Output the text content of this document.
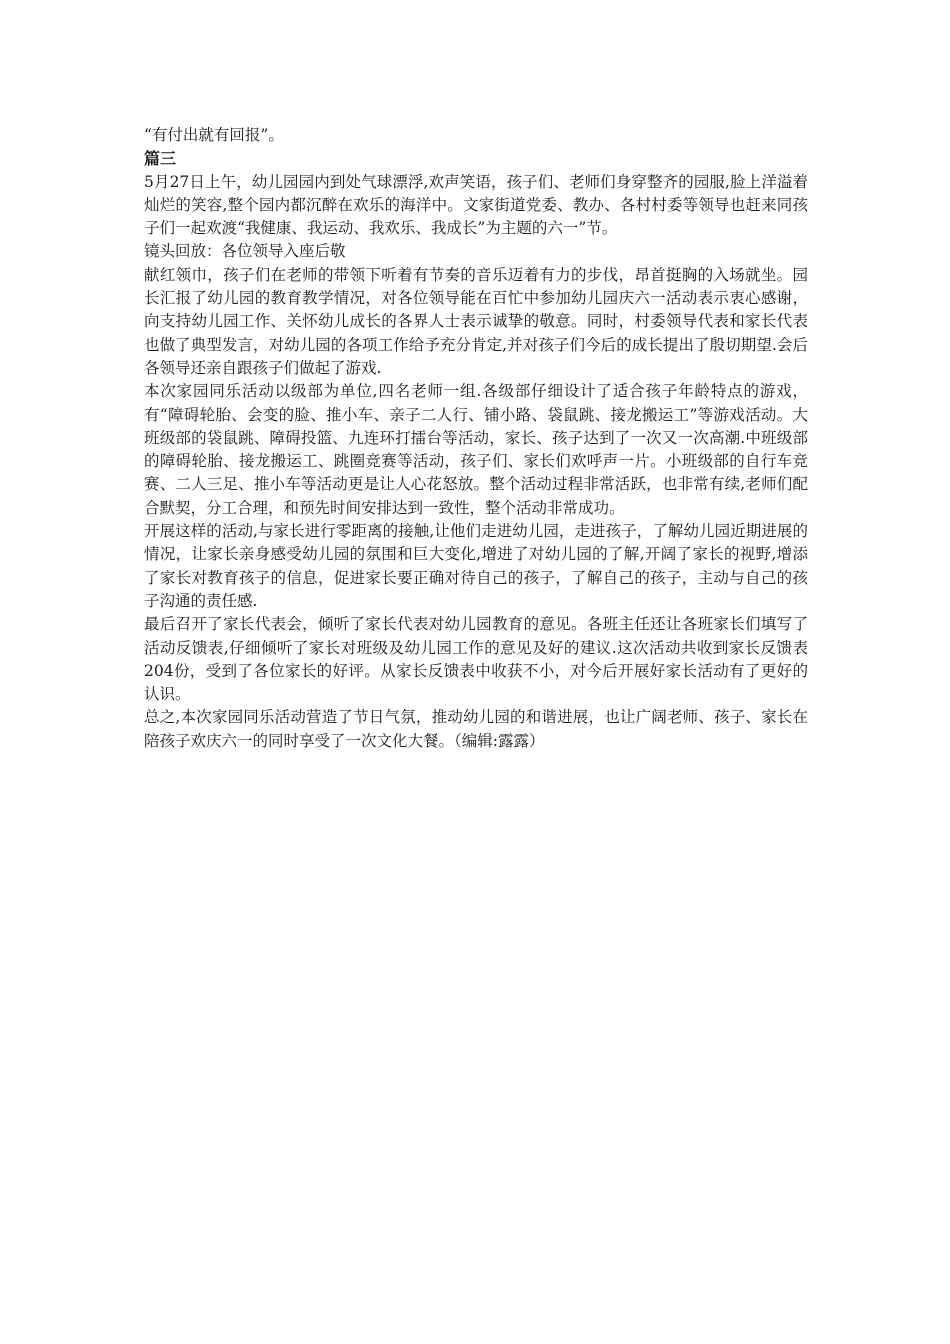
“有付出就有回报”。

篇三

5月27日上午，幼儿园园内到处气球漂浮,欢声笑语，孩子们、老师们身穿整齐的园服,脸上洋溢着灿烂的笑容,整个园内都沉醉在欢乐的海洋中。文家街道党委、教办、各村村委等领导也赶来同孩子们一起欢渡“我健康、我运动、我欢乐、我成长”为主题的六一”节。

镜头回放：各位领导入座后敬

献红领巾，孩子们在老师的带领下听着有节奏的音乐迈着有力的步伐，昂首挺胸的入场就坐。园长汇报了幼儿园的教育教学情况，对各位领导能在百忙中参加幼儿园庆六一活动表示衷心感谢，向支持幼儿园工作、关怀幼儿成长的各界人士表示诚挚的敬意。同时，村委领导代表和家长代表也做了典型发言，对幼儿园的各项工作给予充分肯定,并对孩子们今后的成长提出了殷切期望.会后各领导还亲自跟孩子们做起了游戏.

本次家园同乐活动以级部为单位,四名老师一组.各级部仔细设计了适合孩子年龄特点的游戏，有“障碍轮胎、会变的脸、推小车、亲子二人行、铺小路、袋鼠跳、接龙搬运工”等游戏活动。大班级部的袋鼠跳、障碍投篮、九连环打擂台等活动，家长、孩子达到了一次又一次高潮.中班级部的障碍轮胎、接龙搬运工、跳圈竞赛等活动，孩子们、家长们欢呼声一片。小班级部的自行车竞赛、二人三足、推小车等活动更是让人心花怒放。整个活动过程非常活跃，也非常有续,老师们配合默契，分工合理，和预先时间安排达到一致性，整个活动非常成功。

开展这样的活动,与家长进行零距离的接触,让他们走进幼儿园，走进孩子，了解幼儿园近期进展的情况，让家长亲身感受幼儿园的氛围和巨大变化,增进了对幼儿园的了解,开阔了家长的视野,增添了家长对教育孩子的信息，促进家长要正确对待自己的孩子，了解自己的孩子，主动与自己的孩子沟通的责任感.

最后召开了家长代表会，倾听了家长代表对幼儿园教育的意见。各班主任还让各班家长们填写了活动反馈表,仔细倾听了家长对班级及幼儿园工作的意见及好的建议.这次活动共收到家长反馈表204份，受到了各位家长的好评。从家长反馈表中收获不小，对今后开展好家长活动有了更好的认识。

总之,本次家园同乐活动营造了节日气氛，推动幼儿园的和谐进展，也让广阔老师、孩子、家长在陪孩子欢庆六一的同时享受了一次文化大餐。（编辑:露露）
